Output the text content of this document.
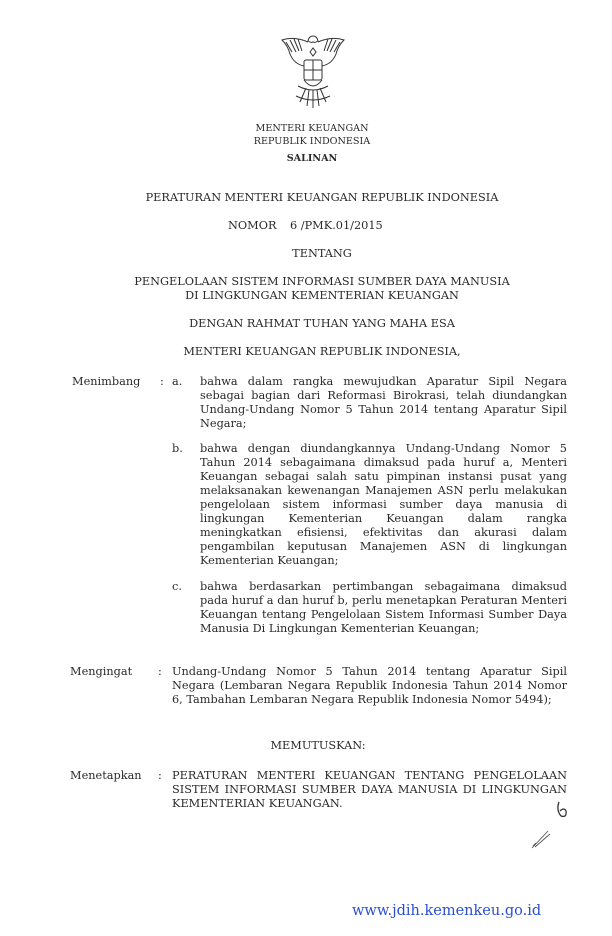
MENTERI KEUANGAN
REPUBLIK INDONESIA
SALINAN
PERATURAN MENTERI KEUANGAN REPUBLIK INDONESIA
NOMOR 6 /PMK.01/2015
TENTANG
PENGELOLAAN SISTEM INFORMASI SUMBER DAYA MANUSIA
DI LINGKUNGAN KEMENTERIAN KEUANGAN
DENGAN RAHMAT TUHAN YANG MAHA ESA
MENTERI KEUANGAN REPUBLIK INDONESIA,
Menimbang : a. bahwa dalam rangka mewujudkan Aparatur Sipil Negara sebagai bagian dari Reformasi Birokrasi, telah diundangkan Undang-Undang Nomor 5 Tahun 2014 tentang Aparatur Sipil Negara;
b. bahwa dengan diundangkannya Undang-Undang Nomor 5 Tahun 2014 sebagaimana dimaksud pada huruf a, Menteri Keuangan sebagai salah satu pimpinan instansi pusat yang melaksanakan kewenangan Manajemen ASN perlu melakukan pengelolaan sistem informasi sumber daya manusia di lingkungan Kementerian Keuangan dalam rangka meningkatkan efisiensi, efektivitas dan akurasi dalam pengambilan keputusan Manajemen ASN di lingkungan Kementerian Keuangan;
c. bahwa berdasarkan pertimbangan sebagaimana dimaksud pada huruf a dan huruf b, perlu menetapkan Peraturan Menteri Keuangan tentang Pengelolaan Sistem Informasi Sumber Daya Manusia Di Lingkungan Kementerian Keuangan;
Mengingat : Undang-Undang Nomor 5 Tahun 2014 tentang Aparatur Sipil Negara (Lembaran Negara Republik Indonesia Tahun 2014 Nomor 6, Tambahan Lembaran Negara Republik Indonesia Nomor 5494);
MEMUTUSKAN:
Menetapkan : PERATURAN MENTERI KEUANGAN TENTANG PENGELOLAAN SISTEM INFORMASI SUMBER DAYA MANUSIA DI LINGKUNGAN KEMENTERIAN KEUANGAN.
www.jdih.kemenkeu.go.id
